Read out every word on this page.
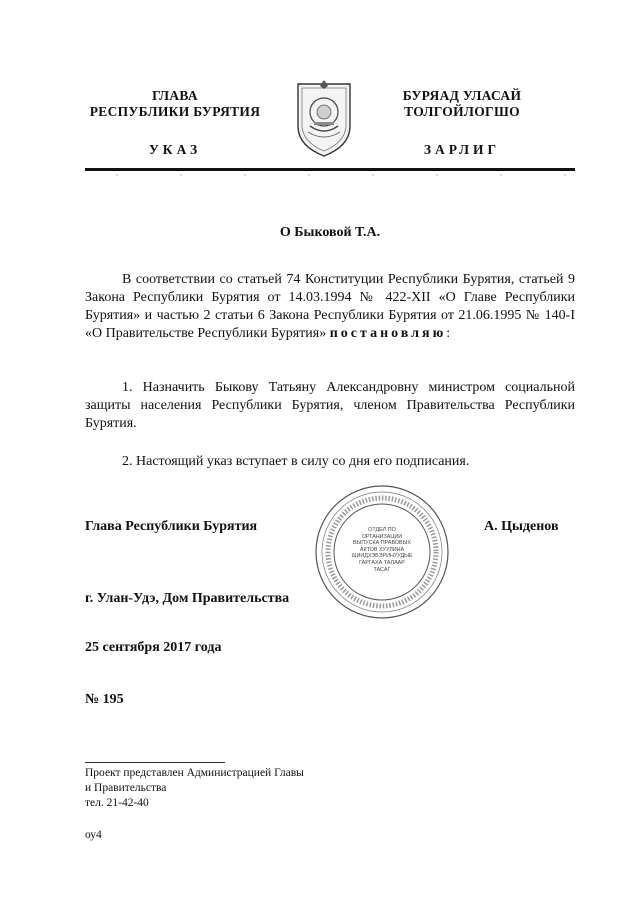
ГЛАВА
РЕСПУБЛИКИ БУРЯТИЯ
УКАЗ
БУРЯАД УЛАСАЙ
ТОЛГОЙЛОГШО
ЗАРЛИГ
О Быковой Т.А.
В соответствии со статьей 74 Конституции Республики Бурятия, статьей 9 Закона Республики Бурятия от 14.03.1994 № 422-XII «О Главе Республики Бурятия» и частью 2 статьи 6 Закона Республики Бурятия от 21.06.1995 № 140-I «О Правительстве Республики Бурятия» постановляю:
1. Назначить Быкову Татьяну Александровну министром социальной защиты населения Республики Бурятия, членом Правительства Республики Бурятия.
2. Настоящий указ вступает в силу со дня его подписания.
Глава Республики Бурятия	ОТДЕЛ ПО ОРГАНИЗАЦИИ ВЫПУСКА ПРАВОВЫХ АКТОВ ХУУЛИНА ШИИДХЭБЭРИНУУДЫЕ ГАРГАХА ТАЛААР ТАСАГ
А. Цыденов
г. Улан-Удэ, Дом Правительства
25 сентября 2017 года
№ 195
Проект представлен Администрацией Главы
и Правительства
тел. 21-42-40
оу4
